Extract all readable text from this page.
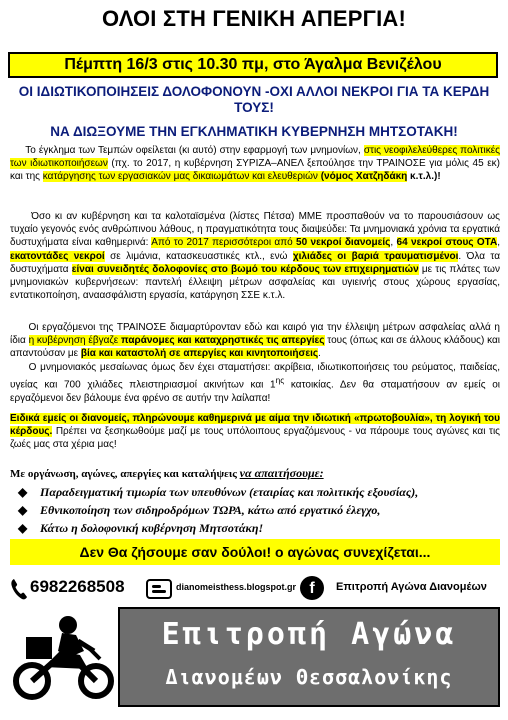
ΟΛΟΙ ΣΤΗ ΓΕΝΙΚΗ ΑΠΕΡΓΙΑ!
Πέμπτη 16/3 στις 10.30 πμ, στο Άγαλμα Βενιζέλου
ΟΙ ΙΔΙΩΤΙΚΟΠΟΙΗΣΕΙΣ ΔΟΛΟΦΟΝΟΥΝ -ΟΧΙ ΑΛΛΟΙ ΝΕΚΡΟΙ ΓΙΑ ΤΑ ΚΕΡΔΗ ΤΟΥΣ!
ΝΑ ΔΙΩΞΟΥΜΕ ΤΗΝ ΕΓΚΛΗΜΑΤΙΚΗ ΚΥΒΕΡΝΗΣΗ ΜΗΤΣΟΤΑΚΗ!
Το έγκλημα των Τεμπών οφείλεται (κι αυτό) στην εφαρμογή των μνημονίων, στις νεοφιλελεύθερες πολιτικές των ιδιωτικοποιήσεων (πχ. το 2017, η κυβέρνηση ΣΥΡΙΖΑ–ΑΝΕΛ ξεπούλησε την ΤΡΑΙΝΟΣΕ για μόλις 45 εκ) και της κατάργησης των εργασιακών μας δικαιωμάτων και ελευθεριών (νόμος Χατζηδάκη κ.τ.λ.)!
Όσο κι αν κυβέρνηση και τα καλοταϊσμένα (λίστες Πέτσα) ΜΜΕ προσπαθούν να το παρουσιάσουν ως τυχαίο γεγονός ενός ανθρώπινου λάθους, η πραγματικότητα τους διαψεύδει: Τα μνημονιακά χρόνια τα εργατικά δυστυχήματα είναι καθημερινά: Από το 2017 περισσότεροι από 50 νεκροί διανομείς, 64 νεκροί στους ΟΤΑ, εκατοντάδες νεκροί σε λιμάνια, κατασκευαστικές κτλ., ενώ χιλιάδες οι βαριά τραυματισμένοι. Όλα τα δυστυχήματα είναι συνειδητές δολοφονίες στο βωμό του κέρδους των επιχειρηματιών με τις πλάτες των μνημονιακών κυβερνήσεων: παντελή έλλειψη μέτρων ασφαλείας και υγιεινής στους χώρους εργασίας, εντατικοποίηση, αναασφάλιστη εργασία, κατάργηση ΣΣΕ κ.τ.λ.
Οι εργαζόμενοι της ΤΡΑΙΝΟΣΕ διαμαρτύρονταν εδώ και καιρό για την έλλειψη μέτρων ασφαλείας αλλά η ίδια η κυβέρνηση έβγαζε παράνομες και καταχρηστικές τις απεργίες τους (όπως και σε άλλους κλάδους) και απαντούσαν με βία και καταστολή σε απεργίες και κινητοποιήσεις.
Ο μνημονιακός μεσαίωνας όμως δεν έχει σταματήσει: ακρίβεια, ιδιωτικοποιήσεις του ρεύματος, παιδείας, υγείας και 700 χιλιάδες πλειστηριασμοί ακινήτων και $1^{\eta\varsigma}$ κατοικίας. Δεν θα σταματήσουν αν εμείς οι εργαζόμενοι δεν βάλουμε ένα φρένο σε αυτήν την λαίλαπα!
Ειδικά εμείς οι διανομείς, πληρώνουμε καθημερινά με αίμα την ιδιωτική «πρωτοβουλία», τη λογική του κέρδους. Πρέπει να ξεσηκωθούμε μαζί με τους υπόλοιπους εργαζόμενους - να πάρουμε τους αγώνες και τις ζωές μας στα χέρια μας!
Με οργάνωση, αγώνες, απεργίες και καταλήψεις να απαιτήσουμε:
◆ Παραδειγματική τιμωρία των υπευθύνων (εταιρίας και πολιτικής εξουσίας),
◆ Εθνικοποίηση των σιδηροδρόμων ΤΩΡΑ, κάτω από εργατικό έλεγχο,
◆ Κάτω η δολοφονική κυβέρνηση Μητσοτάκη!
Δεν Θα ζήσουμε σαν δούλοι! ο αγώνας συνεχίζεται...
6982268508	dianomeisthess.blogspot.gr f	Επιτροπή Αγώνα Διανομέων
Επιτροπή Αγώνα
Διανομέων Θεσσαλονίκης
